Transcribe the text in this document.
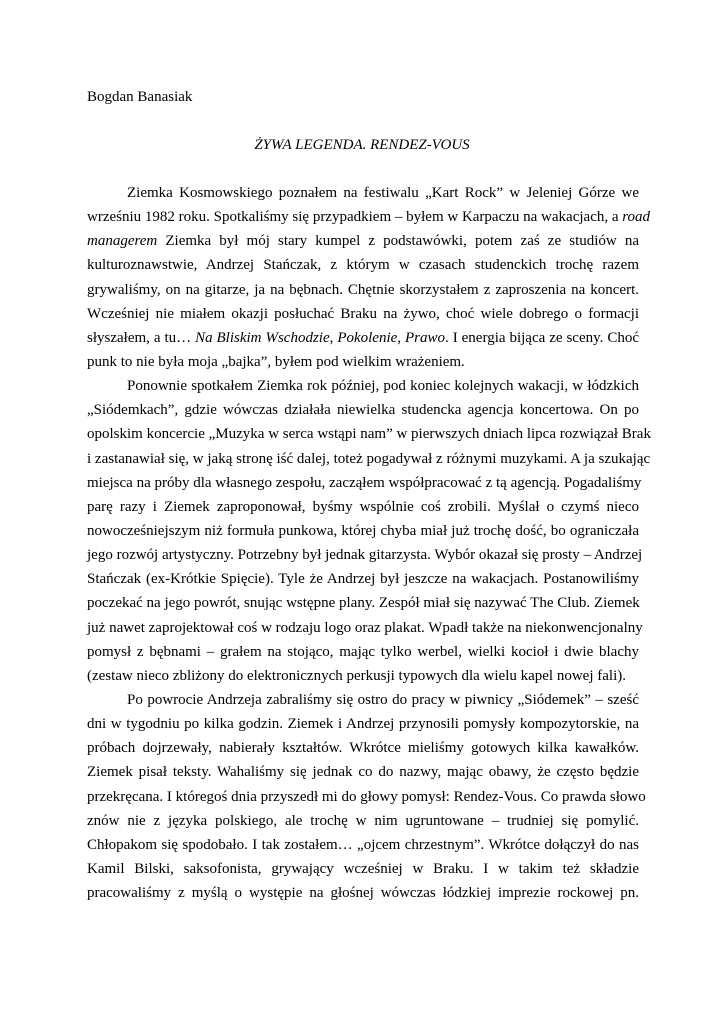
Bogdan Banasiak
ŻYWA LEGENDA. RENDEZ-VOUS
Ziemka Kosmowskiego poznałem na festiwalu „Kart Rock” w Jeleniej Górze we
wrześniu 1982 roku. Spotkaliśmy się przypadkiem – byłem w Karpaczu na wakacjach, a road
managerem Ziemka był mój stary kumpel z podstawówki, potem zaś ze studiów na
kulturoznawstwie, Andrzej Stańczak, z którym w czasach studenckich trochę razem
grywaliśmy, on na gitarze, ja na bębnach. Chętnie skorzystałem z zaproszenia na koncert.
Wcześniej nie miałem okazji posłuchać Braku na żywo, choć wiele dobrego o formacji
słyszałem, a tu… Na Bliskim Wschodzie, Pokolenie, Prawo. I energia bijąca ze sceny. Choć
punk to nie była moja „bajka”, byłem pod wielkim wrażeniem.
Ponownie spotkałem Ziemka rok później, pod koniec kolejnych wakacji, w łódzkich
„Siódemkach”, gdzie wówczas działała niewielka studencka agencja koncertowa. On po
opolskim koncercie „Muzyka w serca wstąpi nam” w pierwszych dniach lipca rozwiązał Brak
i zastanawiał się, w jaką stronę iść dalej, toteż pogadywał z różnymi muzykami. A ja szukając
miejsca na próby dla własnego zespołu, zacząłem współpracować z tą agencją. Pogadaliśmy
parę razy i Ziemek zaproponował, byśmy wspólnie coś zrobili. Myślał o czymś nieco
nowocześniejszym niż formuła punkowa, której chyba miał już trochę dość, bo ograniczała
jego rozwój artystyczny. Potrzebny był jednak gitarzysta. Wybór okazał się prosty – Andrzej
Stańczak (ex-Krótkie Spięcie). Tyle że Andrzej był jeszcze na wakacjach. Postanowiliśmy
poczekać na jego powrót, snując wstępne plany. Zespół miał się nazywać The Club. Ziemek
już nawet zaprojektował coś w rodzaju logo oraz plakat. Wpadł także na niekonwencjonalny
pomysł z bębnami – grałem na stojąco, mając tylko werbel, wielki kocioł i dwie blachy
(zestaw nieco zbliżony do elektronicznych perkusji typowych dla wielu kapel nowej fali).
Po powrocie Andrzeja zabraliśmy się ostro do pracy w piwnicy „Siódemek” – sześć
dni w tygodniu po kilka godzin. Ziemek i Andrzej przynosili pomysły kompozytorskie, na
próbach dojrzewały, nabierały kształtów. Wkrótce mieliśmy gotowych kilka kawałków.
Ziemek pisał teksty. Wahaliśmy się jednak co do nazwy, mając obawy, że często będzie
przekręcana. I któregoś dnia przyszedł mi do głowy pomysł: Rendez-Vous. Co prawda słowo
znów nie z języka polskiego, ale trochę w nim ugruntowane – trudniej się pomylić.
Chłopakom się spodobało. I tak zostałem… „ojcem chrzestnym”. Wkrótce dołączył do nas
Kamil Bilski, saksofonista, grywający wcześniej w Braku. I w takim też składzie
pracowaliśmy z myślą o występie na głośnej wówczas łódzkiej imprezie rockowej pn.
